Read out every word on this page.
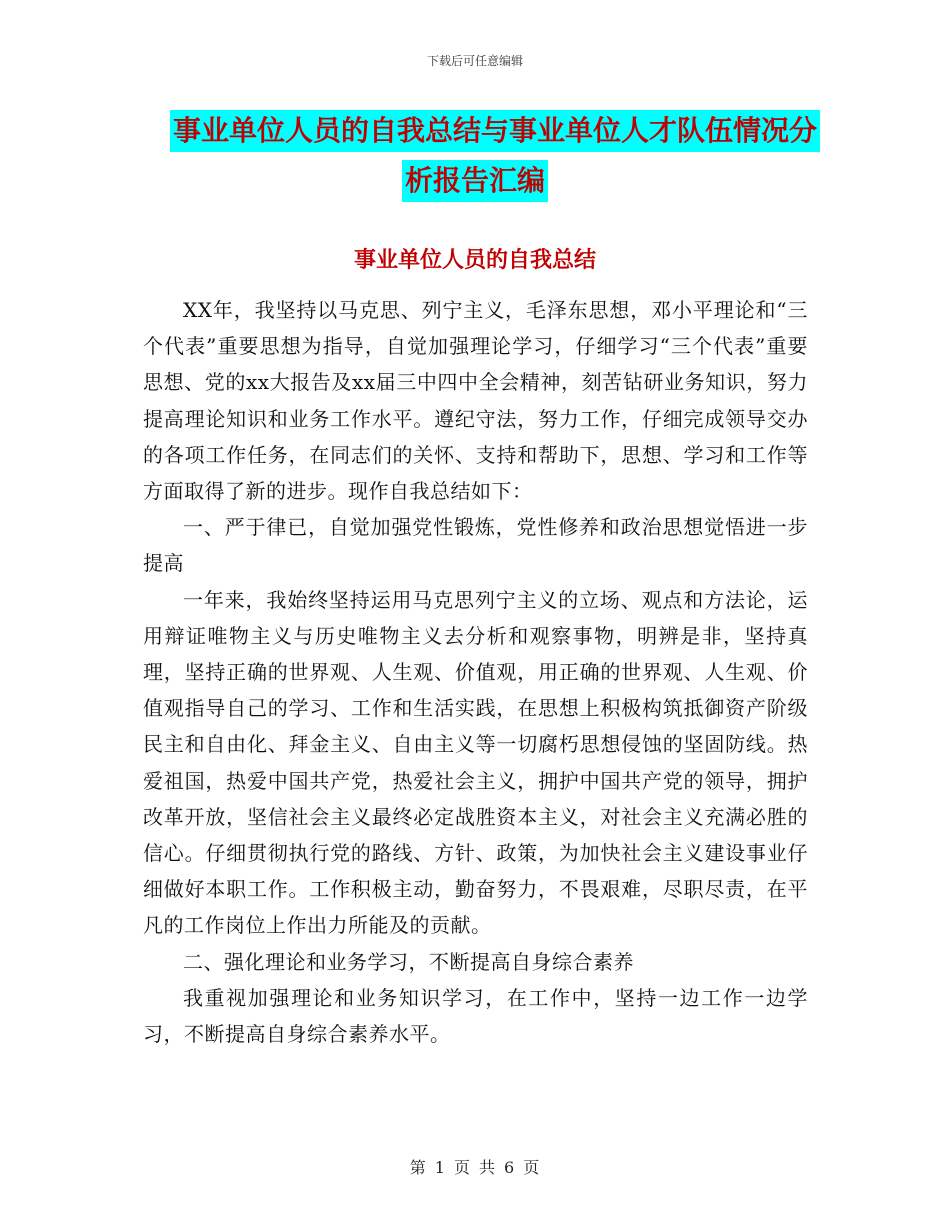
下载后可任意编辑
事业单位人员的自我总结与事业单位人才队伍情况分
析报告汇编
事业单位人员的自我总结

XX年，我坚持以马克思、列宁主义，毛泽东思想，邓小平理论和“三个代表”重要思想为指导，自觉加强理论学习，仔细学习“三个代表”重要思想、党的xx大报告及xx届三中四中全会精神，刻苦钻研业务知识，努力提高理论知识和业务工作水平。遵纪守法，努力工作，仔细完成领导交办的各项工作任务，在同志们的关怀、支持和帮助下，思想、学习和工作等方面取得了新的进步。现作自我总结如下：

一、严于律已，自觉加强党性锻炼，党性修养和政治思想觉悟进一步提高

一年来，我始终坚持运用马克思列宁主义的立场、观点和方法论，运用辩证唯物主义与历史唯物主义去分析和观察事物，明辨是非，坚持真理，坚持正确的世界观、人生观、价值观，用正确的世界观、人生观、价值观指导自己的学习、工作和生活实践，在思想上积极构筑抵御资产阶级民主和自由化、拜金主义、自由主义等一切腐朽思想侵蚀的坚固防线。热爱祖国，热爱中国共产党，热爱社会主义，拥护中国共产党的领导，拥护改革开放，坚信社会主义最终必定战胜资本主义，对社会主义充满必胜的信心。仔细贯彻执行党的路线、方针、政策，为加快社会主义建设事业仔细做好本职工作。工作积极主动，勤奋努力，不畏艰难，尽职尽责，在平凡的工作岗位上作出力所能及的贡献。

二、强化理论和业务学习，不断提高自身综合素养

我重视加强理论和业务知识学习，在工作中，坚持一边工作一边学习，不断提高自身综合素养水平。

第 1 页 共 6 页
